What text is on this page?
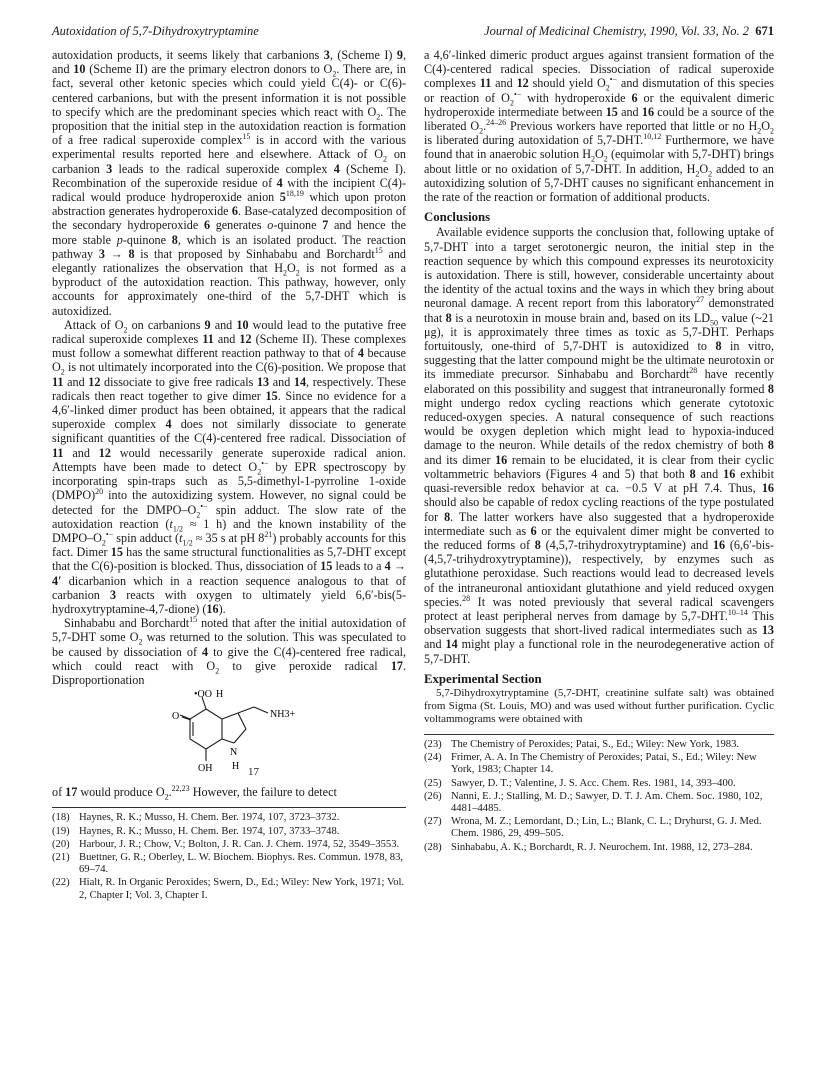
Autoxidation of 5,7-Dihydroxytryptamine	Journal of Medicinal Chemistry, 1990, Vol. 33, No. 2 671

autoxidation products, it seems likely that carbanions 3, (Scheme I) 9, and 10 (Scheme II) are the primary electron donors to $O_2$. There are, in fact, several other ketonic species which could yield C(4)- or C(6)-centered carbanions, but with the present information it is not possible to specify which are the predominant species which react with $O_2$. The proposition that the initial step in the autoxidation reaction is formation of a free radical superoxide complex$^{15}$ is in accord with the various experimental results reported here and elsewhere. Attack of $O_2$ on carbanion 3 leads to the radical superoxide complex 4 (Scheme I). Recombination of the superoxide residue of 4 with the incipient C(4)-radical would produce hydroperoxide anion 5$^{18,19}$ which upon proton abstraction generates hydroperoxide 6. Base-catalyzed decomposition of the secondary hydroperoxide 6 generates o-quinone 7 and hence the more stable p-quinone 8, which is an isolated product. The reaction pathway 3 → 8 is that proposed by Sinhababu and Borchardt$^{15}$ and elegantly rationalizes the observation that $H_2O_2$ is not formed as a byproduct of the autoxidation reaction. This pathway, however, only accounts for approximately one-third of the 5,7-DHT which is autoxidized.

Attack of $O_2$ on carbanions 9 and 10 would lead to the putative free radical superoxide complexes 11 and 12 (Scheme II). These complexes must follow a somewhat different reaction pathway to that of 4 because $O_2$ is not ultimately incorporated into the C(6)-position. We propose that 11 and 12 dissociate to give free radicals 13 and 14, respectively. These radicals then react together to give dimer 15. Since no evidence for a 4,6′-linked dimer product has been obtained, it appears that the radical superoxide complex 4 does not similarly dissociate to generate significant quantities of the C(4)-centered free radical. Dissociation of 11 and 12 would necessarily generate superoxide radical anion. Attempts have been made to detect $O_2^{•-}$ by EPR spectroscopy by incorporating spin-traps such as 5,5-dimethyl-1-pyrroline 1-oxide (DMPO)$^{20}$ into the autoxidizing system. However, no signal could be detected for the DMPO–$O_2^{•-}$ spin adduct. The slow rate of the autoxidation reaction ($t_{1/2} \approx 1$ h) and the known instability of the DMPO–$O_2^{•-}$ spin adduct ($t_{1/2} \approx 35$ s at pH $8^{21}$) probably accounts for this fact. Dimer 15 has the same structural functionalities as 5,7-DHT except that the C(6)-position is blocked. Thus, dissociation of 15 leads to a 4 → 4′ dicarbanion which in a reaction sequence analogous to that of carbanion 3 reacts with oxygen to ultimately yield 6,6′-bis(5-hydroxytryptamine-4,7-dione) (16).

Sinhababu and Borchardt$^{15}$ noted that after the initial autoxidation of 5,7-DHT some $O_2$ was returned to the solution. This was speculated to be caused by dissociation of 4 to give the C(4)-centered free radical, which could react with $O_2$ to give peroxide radical 17. Disproportionation

•OO H
O	NH3+
N
OH H 17

of 17 would produce $O_2.^{22,23}$ However, the failure to detect

(18) Haynes, R. K.; Musso, H. Chem. Ber. 1974, 107, 3723–3732.
(19) Haynes, R. K.; Musso, H. Chem. Ber. 1974, 107, 3733–3748.
(20) Harbour, J. R.; Chow, V.; Bolton, J. R. Can. J. Chem. 1974, 52, 3549–3553.
(21) Buettner, G. R.; Oberley, L. W. Biochem. Biophys. Res. Commun. 1978, 83, 69–74.
(22) Hialt, R. In Organic Peroxides; Swern, D., Ed.; Wiley: New York, 1971; Vol. 2, Chapter I; Vol. 3, Chapter I.

a 4,6′-linked dimeric product argues against transient formation of the C(4)-centered radical species. Dissociation of radical superoxide complexes 11 and 12 should yield $O_2^{•-}$ and dismutation of this species or reaction of $O_2^{•-}$ with hydroperoxide 6 or the equivalent dimeric hydroperoxide intermediate between 15 and 16 could be a source of the liberated $O_2.^{24-26}$ Previous workers have reported that little or no $H_2O_2$ is liberated during autoxidation of 5,7-DHT.$^{10,12}$ Furthermore, we have found that in anaerobic solution $H_2O_2$ (equimolar with 5,7-DHT) brings about little or no oxidation of 5,7-DHT. In addition, $H_2O_2$ added to an autoxidizing solution of 5,7-DHT causes no significant enhancement in the rate of the reaction or formation of additional products.

Conclusions

Available evidence supports the conclusion that, following uptake of 5,7-DHT into a target serotonergic neuron, the initial step in the reaction sequence by which this compound expresses its neurotoxicity is autoxidation. There is still, however, considerable uncertainty about the identity of the actual toxins and the ways in which they bring about neuronal damage. A recent report from this laboratory$^{27}$ demonstrated that 8 is a neurotoxin in mouse brain and, based on its $LD_{50}$ value (~21 μg), it is approximately three times as toxic as 5,7-DHT. Perhaps fortuitously, one-third of 5,7-DHT is autoxidized to 8 in vitro, suggesting that the latter compound might be the ultimate neurotoxin or its immediate precursor. Sinhababu and Borchardt$^{28}$ have recently elaborated on this possibility and suggest that intraneuronally formed 8 might undergo redox cycling reactions which generate cytotoxic reduced-oxygen species. A natural consequence of such reactions would be oxygen depletion which might lead to hypoxia-induced damage to the neuron. While details of the redox chemistry of both 8 and its dimer 16 remain to be elucidated, it is clear from their cyclic voltammetric behaviors (Figures 4 and 5) that both 8 and 16 exhibit quasi-reversible redox behavior at ca. −0.5 V at pH 7.4. Thus, 16 should also be capable of redox cycling reactions of the type postulated for 8. The latter workers have also suggested that a hydroperoxide intermediate such as 6 or the equivalent dimer might be converted to the reduced forms of 8 (4,5,7-trihydroxytryptamine) and 16 (6,6′-bis-(4,5,7-trihydroxytryptamine)), respectively, by enzymes such as glutathione peroxidase. Such reactions would lead to decreased levels of the intraneuronal antioxidant glutathione and yield reduced oxygen species.$^{28}$ It was noted previously that several radical scavengers protect at least peripheral nerves from damage by 5,7-DHT.$^{10-14}$ This observation suggests that short-lived radical intermediates such as 13 and 14 might play a functional role in the neurodegenerative action of 5,7-DHT.

Experimental Section

5,7-Dihydroxytryptamine (5,7-DHT, creatinine sulfate salt) was obtained from Sigma (St. Louis, MO) and was used without further purification. Cyclic voltammograms were obtained with

(23) The Chemistry of Peroxides; Patai, S., Ed.; Wiley: New York, 1983.
(24) Frimer, A. A. In The Chemistry of Peroxides; Patai, S., Ed.; Wiley: New York, 1983; Chapter 14.
(25) Sawyer, D. T.; Valentine, J. S. Acc. Chem. Res. 1981, 14, 393–400.
(26) Nanni, E. J.; Stalling, M. D.; Sawyer, D. T. J. Am. Chem. Soc. 1980, 102, 4481–4485.
(27) Wrona, M. Z.; Lemordant, D.; Lin, L.; Blank, C. L.; Dryhurst, G. J. Med. Chem. 1986, 29, 499–505.
(28) Sinhababu, A. K.; Borchardt, R. J. Neurochem. Int. 1988, 12, 273–284.
